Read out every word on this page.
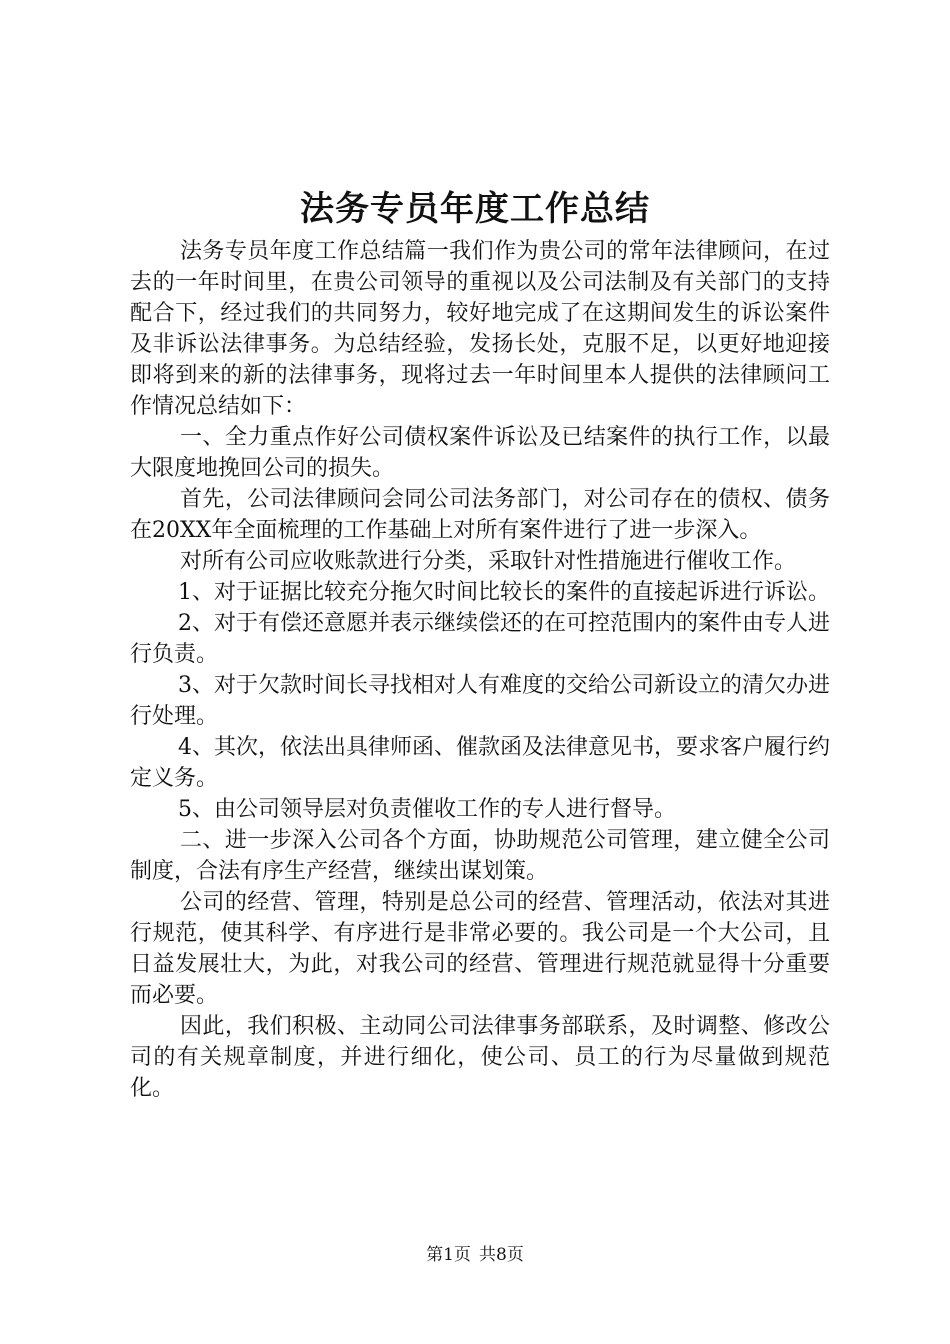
法务专员年度工作总结

法务专员年度工作总结篇一我们作为贵公司的常年法律顾问，在过去的一年时间里，在贵公司领导的重视以及公司法制及有关部门的支持配合下，经过我们的共同努力，较好地完成了在这期间发生的诉讼案件及非诉讼法律事务。为总结经验，发扬长处，克服不足，以更好地迎接即将到来的新的法律事务，现将过去一年时间里本人提供的法律顾问工作情况总结如下：

一、全力重点作好公司债权案件诉讼及已结案件的执行工作，以最大限度地挽回公司的损失。

首先，公司法律顾问会同公司法务部门，对公司存在的债权、债务在20XX年全面梳理的工作基础上对所有案件进行了进一步深入。

对所有公司应收账款进行分类，采取针对性措施进行催收工作。

1、对于证据比较充分拖欠时间比较长的案件的直接起诉进行诉讼。

2、对于有偿还意愿并表示继续偿还的在可控范围内的案件由专人进行负责。

3、对于欠款时间长寻找相对人有难度的交给公司新设立的清欠办进行处理。

4、其次，依法出具律师函、催款函及法律意见书，要求客户履行约定义务。

5、由公司领导层对负责催收工作的专人进行督导。

二、进一步深入公司各个方面，协助规范公司管理，建立健全公司制度，合法有序生产经营，继续出谋划策。

公司的经营、管理，特别是总公司的经营、管理活动，依法对其进行规范，使其科学、有序进行是非常必要的。我公司是一个大公司，且日益发展壮大，为此，对我公司的经营、管理进行规范就显得十分重要而必要。

因此，我们积极、主动同公司法律事务部联系，及时调整、修改公司的有关规章制度，并进行细化，使公司、员工的行为尽量做到规范化。

第1页 共8页
